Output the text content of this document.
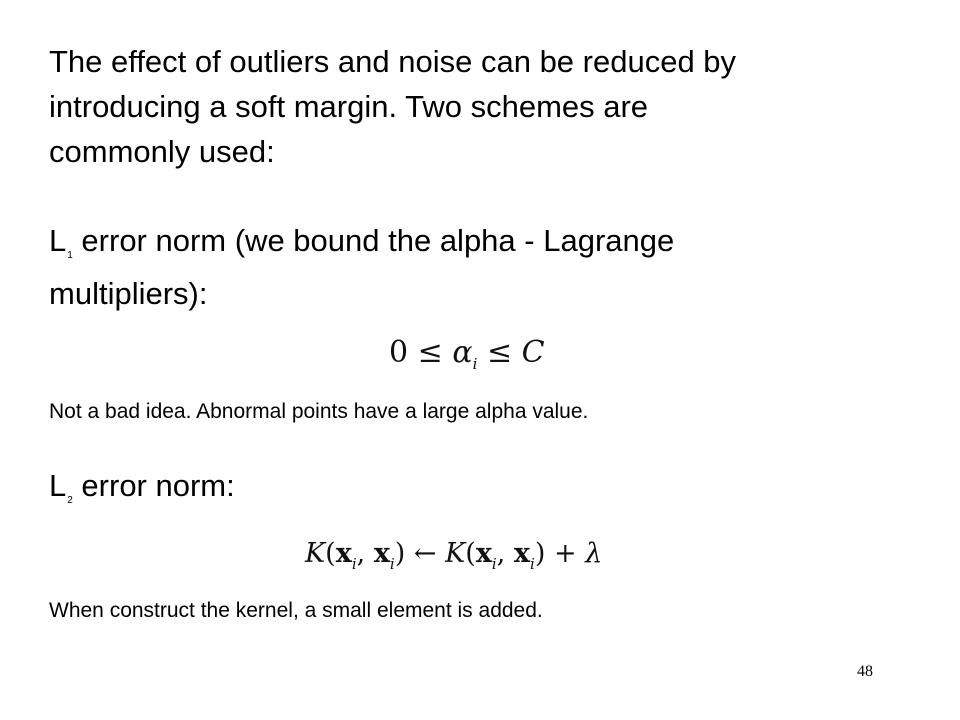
The effect of outliers and noise can be reduced by
introducing a soft margin. Two schemes are
commonly used:
$L_1$ error norm (we bound the alpha - Lagrange
multipliers):
$0 \le \alpha_i \le C$
Not a bad idea. Abnormal points have a large alpha value.
$L_2$ error norm:
$K(x_i$, $x_i$) ← $K(x_i$, $x_i) + \lambda$
When construct the kernel, a small element is added.
48
